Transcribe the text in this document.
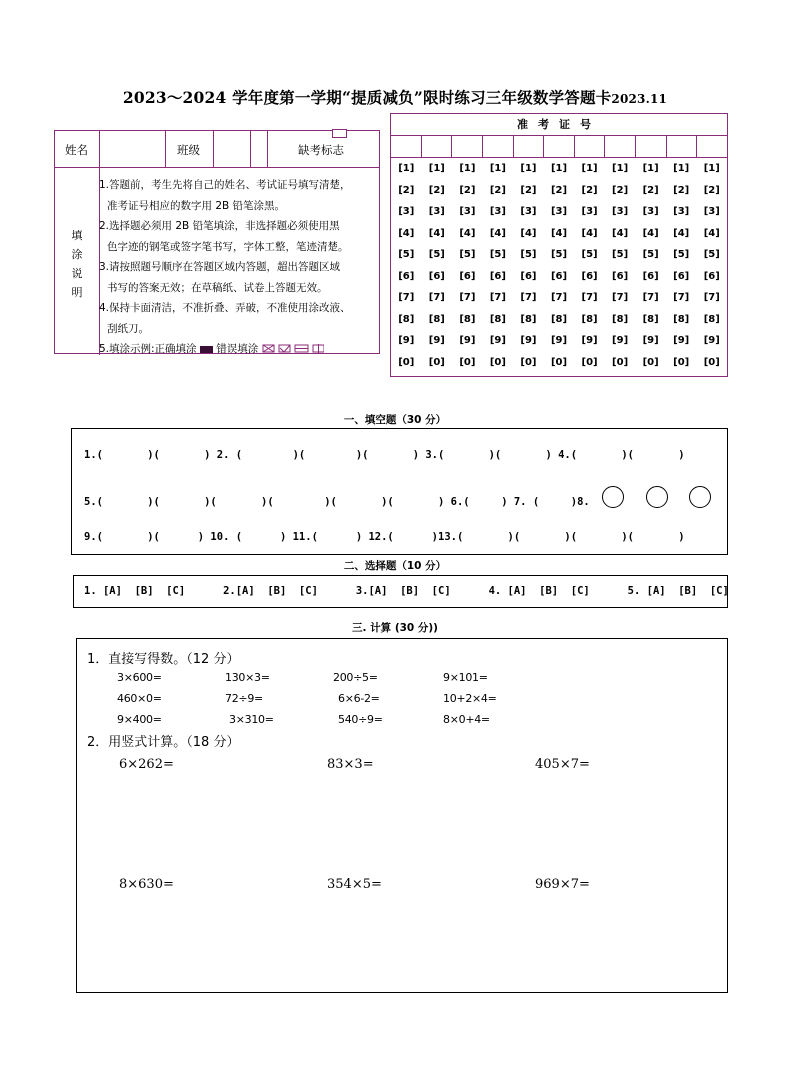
2023～2024 学年度第一学期“提质减负”限时练习三年级数学答题卡2023.11
姓名	班级	缺考标志
填
涂
说
明

1.答题前，考生先将自己的姓名、考试证号填写清楚，

准考证号相应的数字用 2B 铅笔涂黑。

2.选择题必须用 2B 铅笔填涂，非选择题必须使用黑

色字迹的钢笔或签字笔书写，字体工整，笔迹清楚。

3.请按照题号顺序在答题区域内答题，超出答题区域

书写的答案无效；在草稿纸、试卷上答题无效。

4.保持卡面清洁，不准折叠、弄破，不准使用涂改液、

刮纸刀。

5.填涂示例:正确填涂 错误填涂

准考证号
[1]	[1]	[1]	[1]	[1]	[1]	[1]	[1]	[1]	[1]	[1]
[2]	[2]	[2]	[2]	[2]	[2]	[2]	[2]	[2]	[2]	[2]
[3]	[3]	[3]	[3]	[3]	[3]	[3]	[3]	[3]	[3]	[3]
[4]	[4]	[4]	[4]	[4]	[4]	[4]	[4]	[4]	[4]	[4]
[5]	[5]	[5]	[5]	[5]	[5]	[5]	[5]	[5]	[5]	[5]
[6]	[6]	[6]	[6]	[6]	[6]	[6]	[6]	[6]	[6]	[6]
[7]	[7]	[7]	[7]	[7]	[7]	[7]	[7]	[7]	[7]	[7]
[8]	[8]	[8]	[8]	[8]	[8]	[8]	[8]	[8]	[8]	[8]
[9]	[9]	[9]	[9]	[9]	[9]	[9]	[9]	[9]	[9]	[9]
[0]	[0]	[0]	[0]	[0]	[0]	[0]	[0]	[0]	[0]	[0]
一、填空题（30 分）
1.(       )(       ) 2. (        )(        )(       ) 3.(       )(       ) 4.(       )(       )
5.(       )(       )(       )(        )(       )(       ) 6.(     ) 7. (     )8.
9.(       )(      ) 10. (      ) 11.(      ) 12.(      )13.(       )(       )(       )(       )
二、选择题（10 分）
1. [A]  [B]  [C]      2.[A]  [B]  [C]      3.[A]  [B]  [C]      4. [A]  [B]  [C]      5. [A]  [B]  [C]
三. 计算 (30 分))
1．直接写得数。（12 分）
3×600=	130×3=	200÷5=	9×101=
460×0=	72÷9=	6×6-2=	10+2×4=
9×400=	3×310=	540÷9=	8×0+4=
2．用竖式计算。（18 分）
6×262=	83×3=	405×7=
8×630=	354×5=	969×7=
